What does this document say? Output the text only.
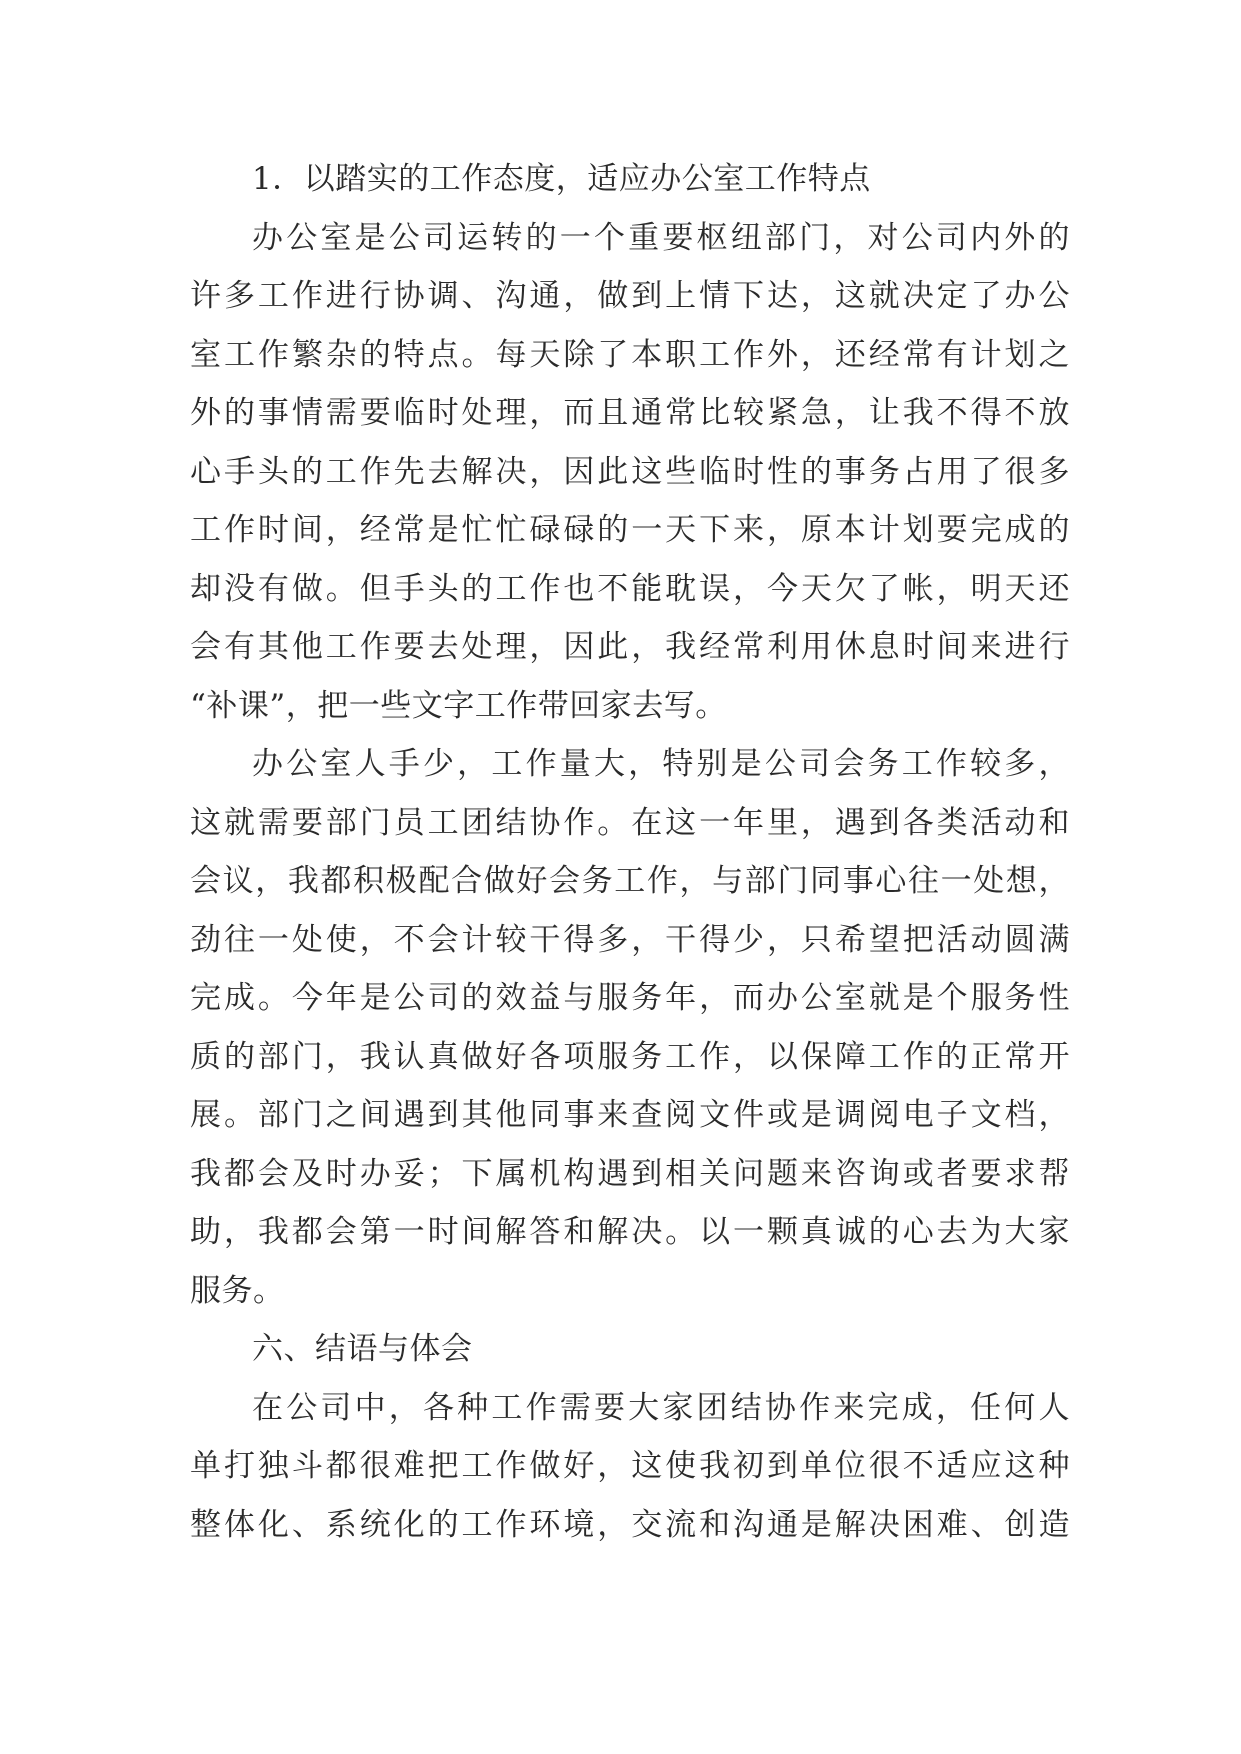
1．以踏实的工作态度，适应办公室工作特点
办公室是公司运转的一个重要枢纽部门，对公司内外的
许多工作进行协调、沟通，做到上情下达，这就决定了办公
室工作繁杂的特点。每天除了本职工作外，还经常有计划之
外的事情需要临时处理，而且通常比较紧急，让我不得不放
心手头的工作先去解决，因此这些临时性的事务占用了很多
工作时间，经常是忙忙碌碌的一天下来，原本计划要完成的
却没有做。但手头的工作也不能耽误，今天欠了帐，明天还
会有其他工作要去处理，因此，我经常利用休息时间来进行
“补课”，把一些文字工作带回家去写。
办公室人手少，工作量大，特别是公司会务工作较多，
这就需要部门员工团结协作。在这一年里，遇到各类活动和
会议，我都积极配合做好会务工作，与部门同事心往一处想，
劲往一处使，不会计较干得多，干得少，只希望把活动圆满
完成。今年是公司的效益与服务年，而办公室就是个服务性
质的部门，我认真做好各项服务工作，以保障工作的正常开
展。部门之间遇到其他同事来查阅文件或是调阅电子文档，
我都会及时办妥；下属机构遇到相关问题来咨询或者要求帮
助，我都会第一时间解答和解决。以一颗真诚的心去为大家
服务。
六、结语与体会
在公司中，各种工作需要大家团结协作来完成，任何人
单打独斗都很难把工作做好，这使我初到单位很不适应这种
整体化、系统化的工作环境，交流和沟通是解决困难、创造
